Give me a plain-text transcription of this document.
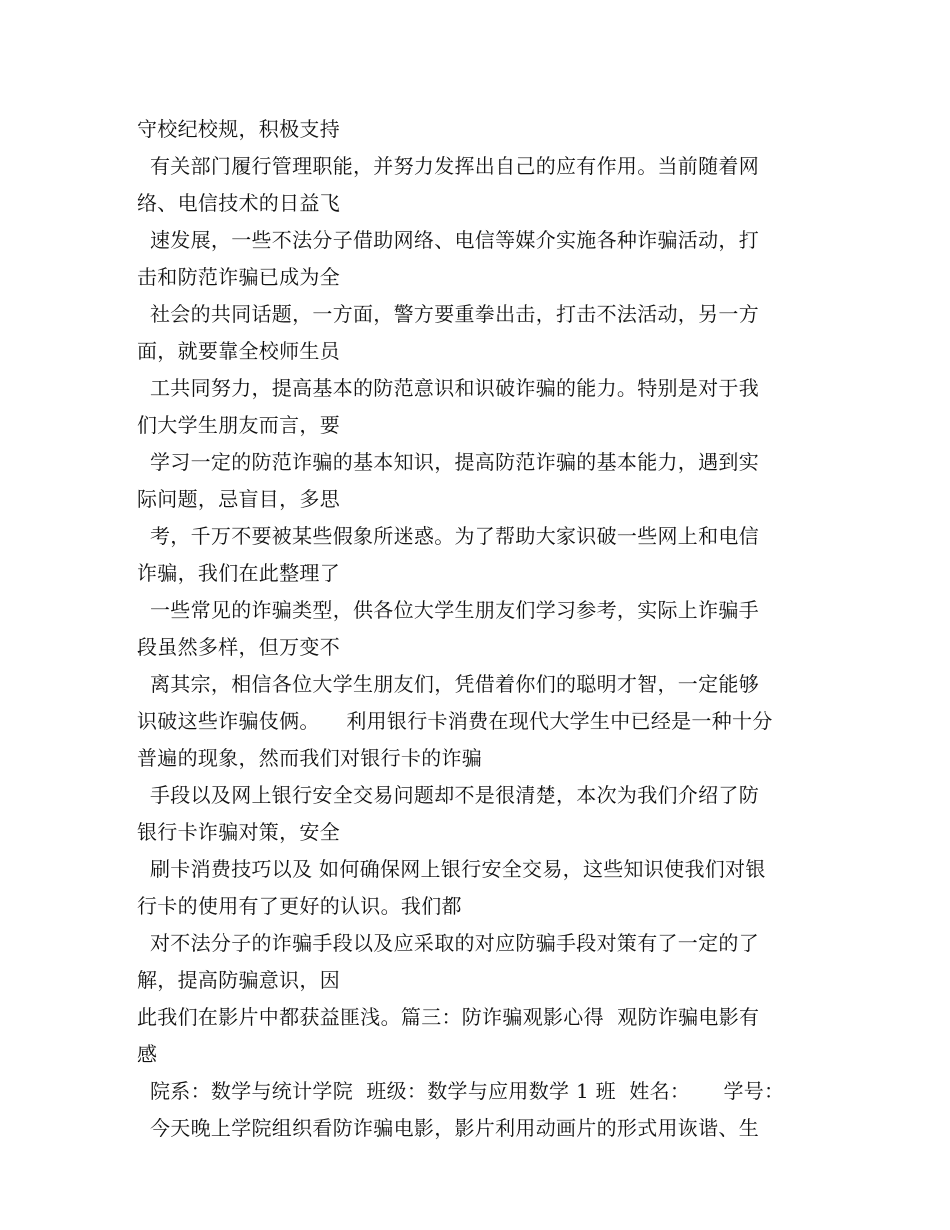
守校纪校规，积极支持
有关部门履行管理职能，并努力发挥出自己的应有作用。当前随着网
络、电信技术的日益飞
速发展，一些不法分子借助网络、电信等媒介实施各种诈骗活动，打
击和防范诈骗已成为全
社会的共同话题，一方面，警方要重拳出击，打击不法活动，另一方
面，就要靠全校师生员
工共同努力，提高基本的防范意识和识破诈骗的能力。特别是对于我
们大学生朋友而言，要
学习一定的防范诈骗的基本知识，提高防范诈骗的基本能力，遇到实
际问题，忌盲目，多思
考，千万不要被某些假象所迷惑。为了帮助大家识破一些网上和电信
诈骗，我们在此整理了
一些常见的诈骗类型，供各位大学生朋友们学习参考，实际上诈骗手
段虽然多样，但万变不
离其宗，相信各位大学生朋友们，凭借着你们的聪明才智，一定能够
识破这些诈骗伎俩。    利用银行卡消费在现代大学生中已经是一种十分
普遍的现象，然而我们对银行卡的诈骗
手段以及网上银行安全交易问题却不是很清楚，本次为我们介绍了防
银行卡诈骗对策，安全
刷卡消费技巧以及 如何确保网上银行安全交易，这些知识使我们对银
行卡的使用有了更好的认识。我们都
对不法分子的诈骗手段以及应采取的对应防骗手段对策有了一定的了
解，提高防骗意识，因
此我们在影片中都获益匪浅。篇三：防诈骗观影心得  观防诈骗电影有
感
院系：数学与统计学院  班级：数学与应用数学 1 班  姓名：     学号：
今天晚上学院组织看防诈骗电影，影片利用动画片的形式用诙谐、生
